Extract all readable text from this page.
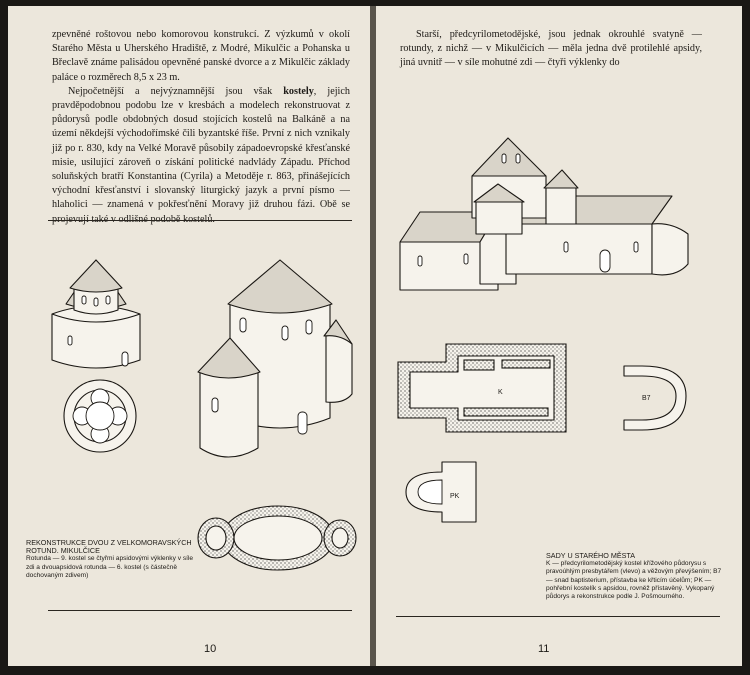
zpevněné roštovou nebo komorovou konstrukcí. Z výzkumů v okolí Starého Města u Uherského Hradiště, z Modré, Mikulčic a Pohanska u Břeclavě známe palisádou opevněné panské dvorce a z Mikulčic základy paláce o rozměrech 8,5 x 23 m.

Nejpočetnější a nejvýznamnější jsou však kostely, jejich pravděpodobnou podobu lze v kresbách a modelech rekonstruovat z půdorysů podle obdobných dosud stojících kostelů na Balkáně a na území někdejší východořímské čili byzantské říše. První z nich vznikaly již po r. 830, kdy na Velké Moravě působily západoevropské křesťanské misie, usilující zároveň o získání politické nadvlády Západu. Příchod soluňských bratří Konstantina (Cyrila) a Metoděje r. 863, přinášejících východní křesťanství i slovanský liturgický jazyk a první písmo — hlaholici — znamená v pokřesťnění Moravy již druhou fázi. Obě se

REKONSTRUKCE DVOU Z VELKOMORAVSKÝCH ROTUND. MIKULČICE
Rotunda — 9. kostel se čtyřmi apsidovými výklenky v síle zdi a dvouapsidová rotunda — 6. kostel (s částečně dochovaným zdivem)
10

Starší, předcyrilometodějské, jsou jednak okrouhlé svatyně — rotundy, z nichž — v Mikulčicích — měla jedna dvě protilehlé apsidy, jiná uvnitř — v síle mohutné zdi — čtyři výklenky do

K
B7
PK
SADY U STARÉHO MĚSTA
K — předcyrilometodějský kostel křížového půdorysu s pravoúhlým presbytářem (vlevo) a věžovým převýšením; B7 — snad baptisterium, přístavba ke křticím účelům; PK — pohřební kostelík s apsidou, rovněž přístavěný. Vykopaný půdorys a rekonstrukce podle J. Pošmourného.
11
